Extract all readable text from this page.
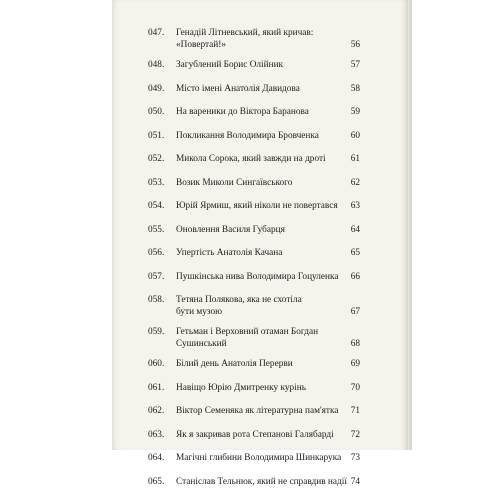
047.	Генадій Літневський, який кричав: «Повертай!»	56
048.	Загублений Борис Олійник	57
049.	Місто імені Анатолія Давидова	58
050.	На вареники до Віктора Баранова	59
051.	Покликання Володимира Бровченка	60
052.	Микола Сорока, який завжди на дроті	61
053.	Возик Миколи Сингаївського	62
054.	Юрій Ярмиш, який ніколи не повертався	63
055.	Оновлення Василя Губарця	64
056.	Упертість Анатолія Качана	65
057.	Пушкінська нива Володимира Гоцуленка	66
058.	Тетяна Полякова, яка не схотіла бути музою	67
059.	Гетьман і Верховний отаман Богдан Сушинський	68
060.	Білий день Анатолія Перерви	69
061.	Навіщо Юрію Дмитренку курінь	70
062.	Віктор Семеняка як літературна пам'ятка	71
063.	Як я закривав рота Степанові Галябарді	72
064.	Магічні глибини Володимира Шинкарука	73
065.	Станіслав Тельнюк, який не справдив надії 74
